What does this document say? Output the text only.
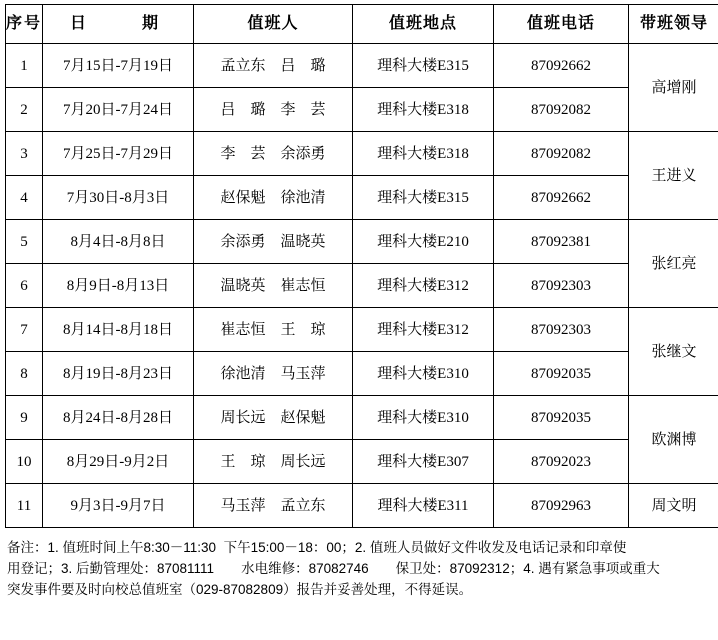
序号	日　　期	值班人	值班地点	值班电话	带班领导
1	7月15日-7月19日	孟立东　吕　璐	理科大楼E315	87092662	高增刚
2	7月20日-7月24日	吕　璐　李　芸	理科大楼E318	87092082	
3	7月25日-7月29日	李　芸　余添勇	理科大楼E318	87092082	王进义
4	7月30日-8月3日	赵保魁　徐池清	理科大楼E315	87092662	
5	8月4日-8月8日	余添勇　温晓英	理科大楼E210	87092381	张红亮
6	8月9日-8月13日	温晓英　崔志恒	理科大楼E312	87092303	
7	8月14日-8月18日	崔志恒　王　琼	理科大楼E312	87092303	张继文
8	8月19日-8月23日	徐池清　马玉萍	理科大楼E310	87092035	
9	8月24日-8月28日	周长远　赵保魁	理科大楼E310	87092035	欧渊博
10	8月29日-9月2日	王　琼　周长远	理科大楼E307	87092023	
11	9月3日-9月7日	马玉萍　孟立东	理科大楼E311	87092963	周文明
备注：1. 值班时间上午8:30－11:30  下午15:00－18：00；2. 值班人员做好文件收发及电话记录和印章使
用登记；3. 后勤管理处：87081111　　水电维修：87082746　　保卫处：87092312；4. 遇有紧急事项或重大
突发事件要及时向校总值班室（029-87082809）报告并妥善处理，不得延误。
